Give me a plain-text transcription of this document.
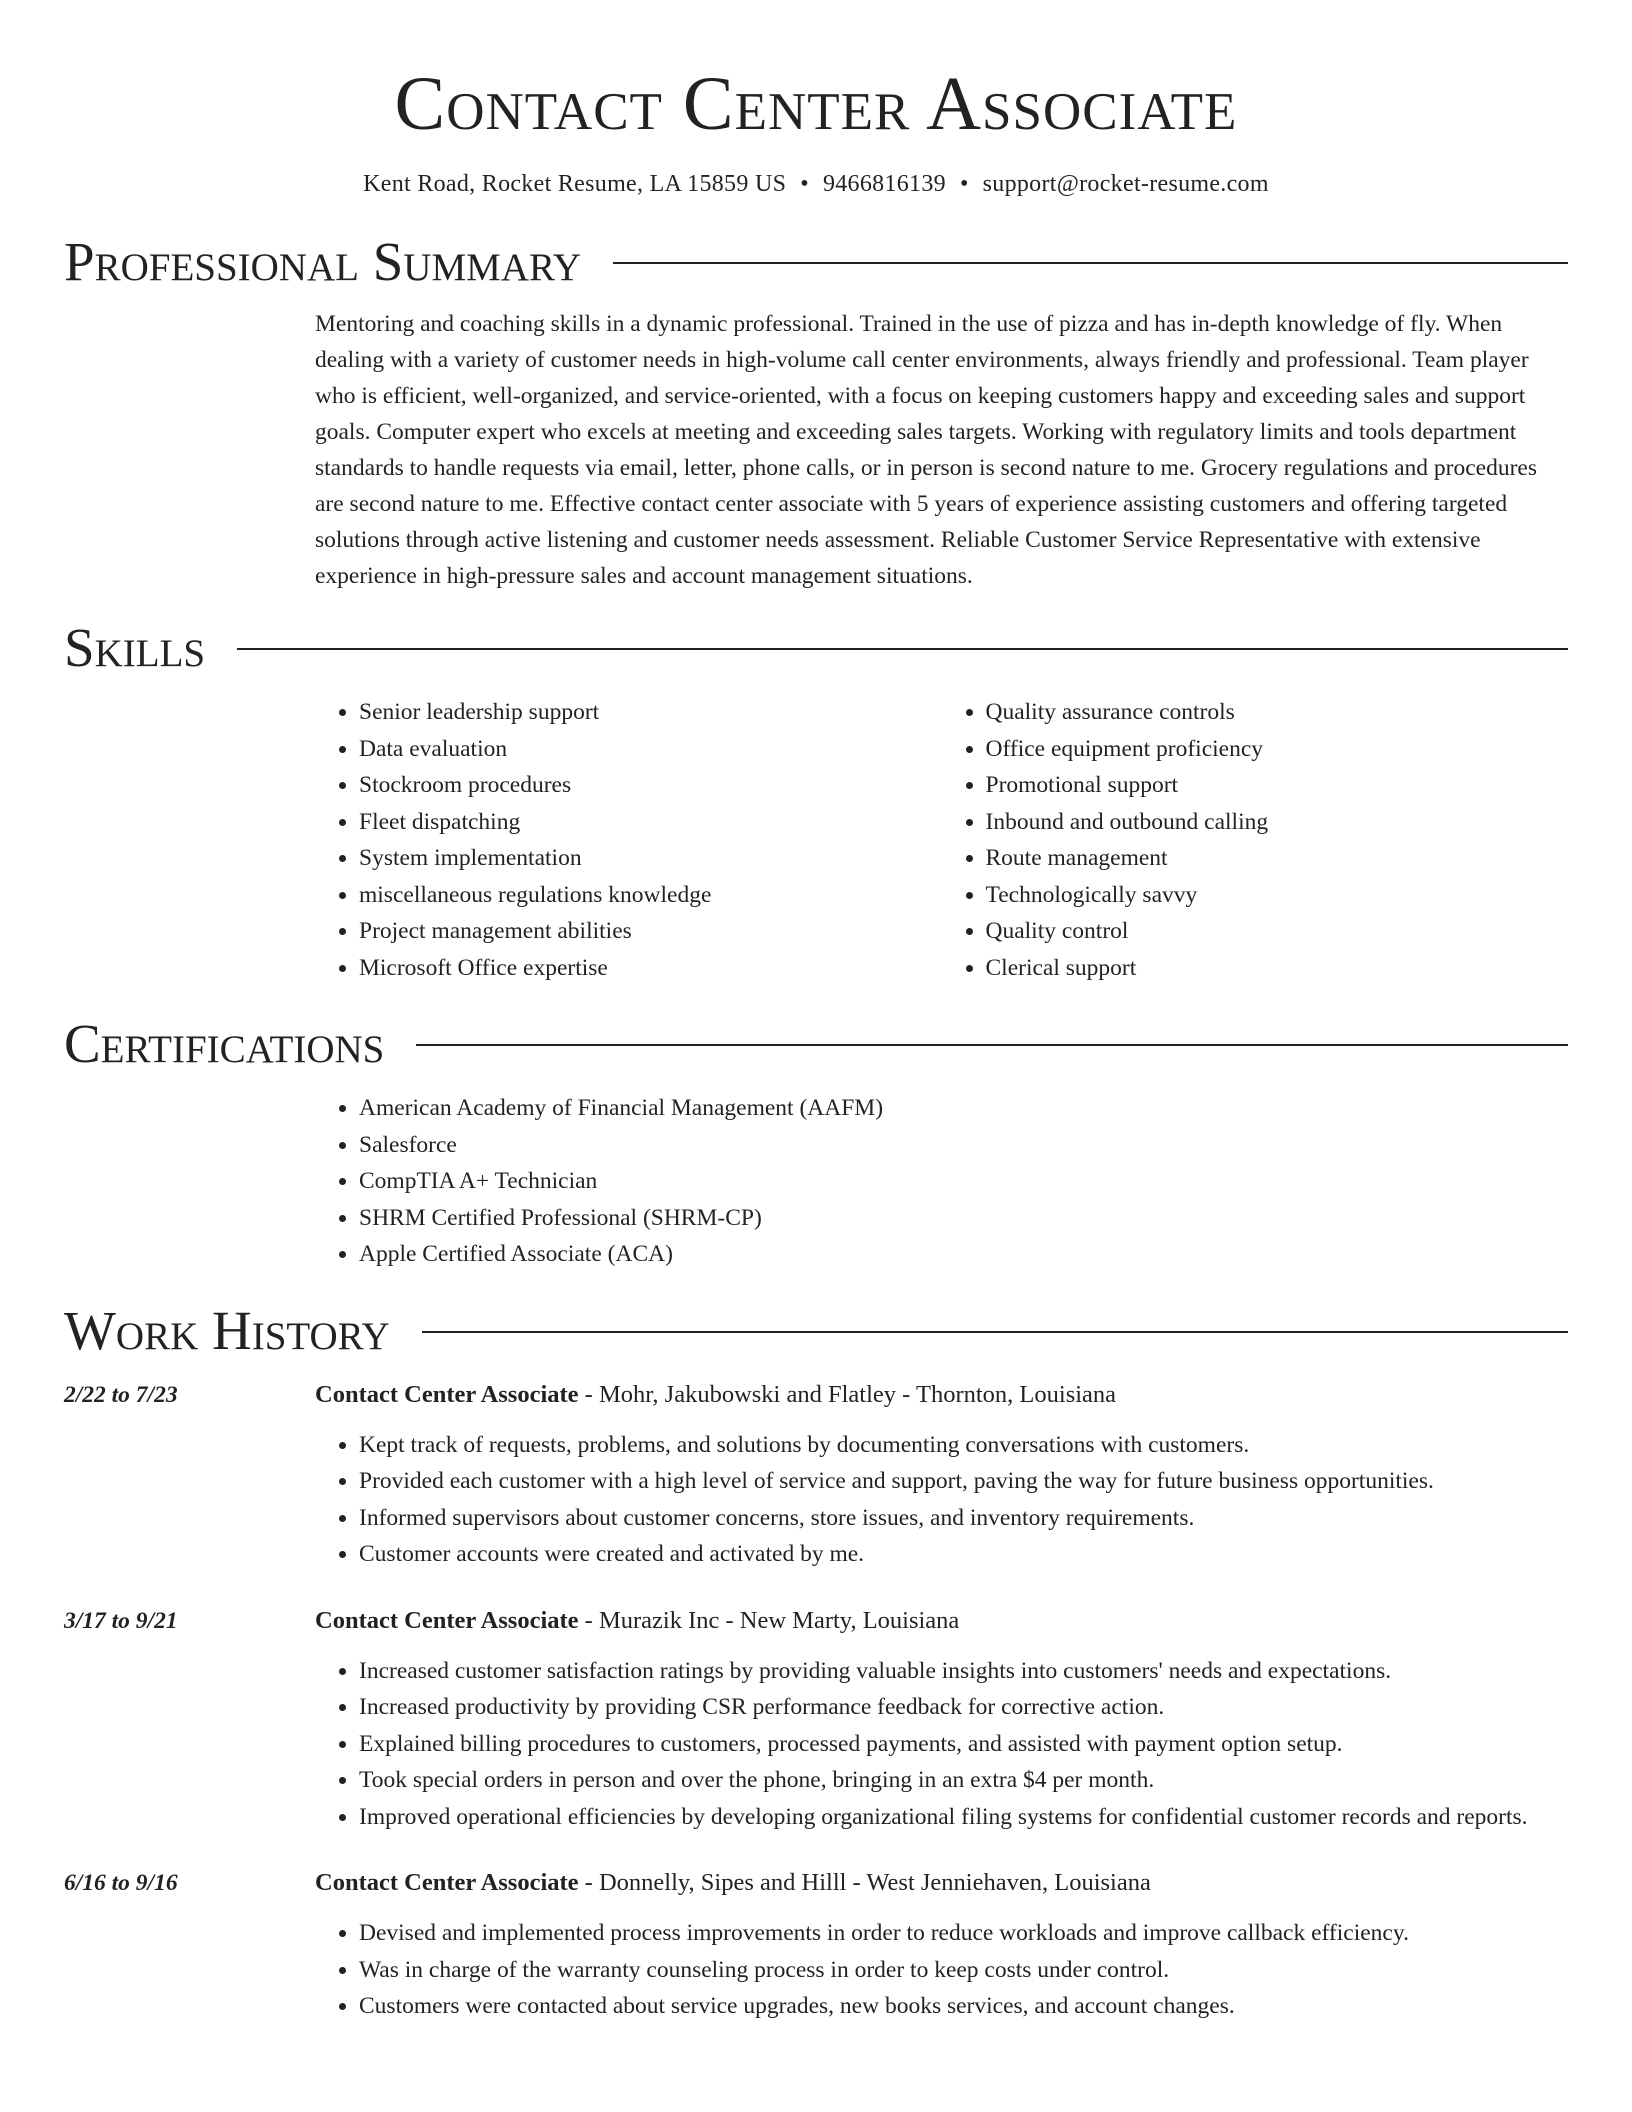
Contact Center Associate
Kent Road, Rocket Resume, LA 15859 US • 9466816139 • support@rocket-resume.com
Professional Summary
Mentoring and coaching skills in a dynamic professional. Trained in the use of pizza and has in-depth knowledge of fly. When dealing with a variety of customer needs in high-volume call center environments, always friendly and professional. Team player who is efficient, well-organized, and service-oriented, with a focus on keeping customers happy and exceeding sales and support goals. Computer expert who excels at meeting and exceeding sales targets. Working with regulatory limits and tools department standards to handle requests via email, letter, phone calls, or in person is second nature to me. Grocery regulations and procedures are second nature to me. Effective contact center associate with 5 years of experience assisting customers and offering targeted solutions through active listening and customer needs assessment. Reliable Customer Service Representative with extensive experience in high-pressure sales and account management situations.
Skills
• Senior leadership support
• Data evaluation
• Stockroom procedures
• Fleet dispatching
• System implementation
• miscellaneous regulations knowledge
• Project management abilities
• Microsoft Office expertise
• Quality assurance controls
• Office equipment proficiency
• Promotional support
• Inbound and outbound calling
• Route management
• Technologically savvy
• Quality control
• Clerical support
Certifications
• American Academy of Financial Management (AAFM)
• Salesforce
• CompTIA A+ Technician
• SHRM Certified Professional (SHRM-CP)
• Apple Certified Associate (ACA)
Work History
2/22 to 7/23	Contact Center Associate - Mohr, Jakubowski and Flatley - Thornton, Louisiana
• Kept track of requests, problems, and solutions by documenting conversations with customers.
• Provided each customer with a high level of service and support, paving the way for future business opportunities.
• Informed supervisors about customer concerns, store issues, and inventory requirements.
• Customer accounts were created and activated by me.
3/17 to 9/21	Contact Center Associate - Murazik Inc - New Marty, Louisiana
• Increased customer satisfaction ratings by providing valuable insights into customers' needs and expectations.
• Increased productivity by providing CSR performance feedback for corrective action.
• Explained billing procedures to customers, processed payments, and assisted with payment option setup.
• Took special orders in person and over the phone, bringing in an extra $4 per month.
• Improved operational efficiencies by developing organizational filing systems for confidential customer records and reports.
6/16 to 9/16	Contact Center Associate - Donnelly, Sipes and Hilll - West Jenniehaven, Louisiana
• Devised and implemented process improvements in order to reduce workloads and improve callback efficiency.
• Was in charge of the warranty counseling process in order to keep costs under control.
• Customers were contacted about service upgrades, new books services, and account changes.
